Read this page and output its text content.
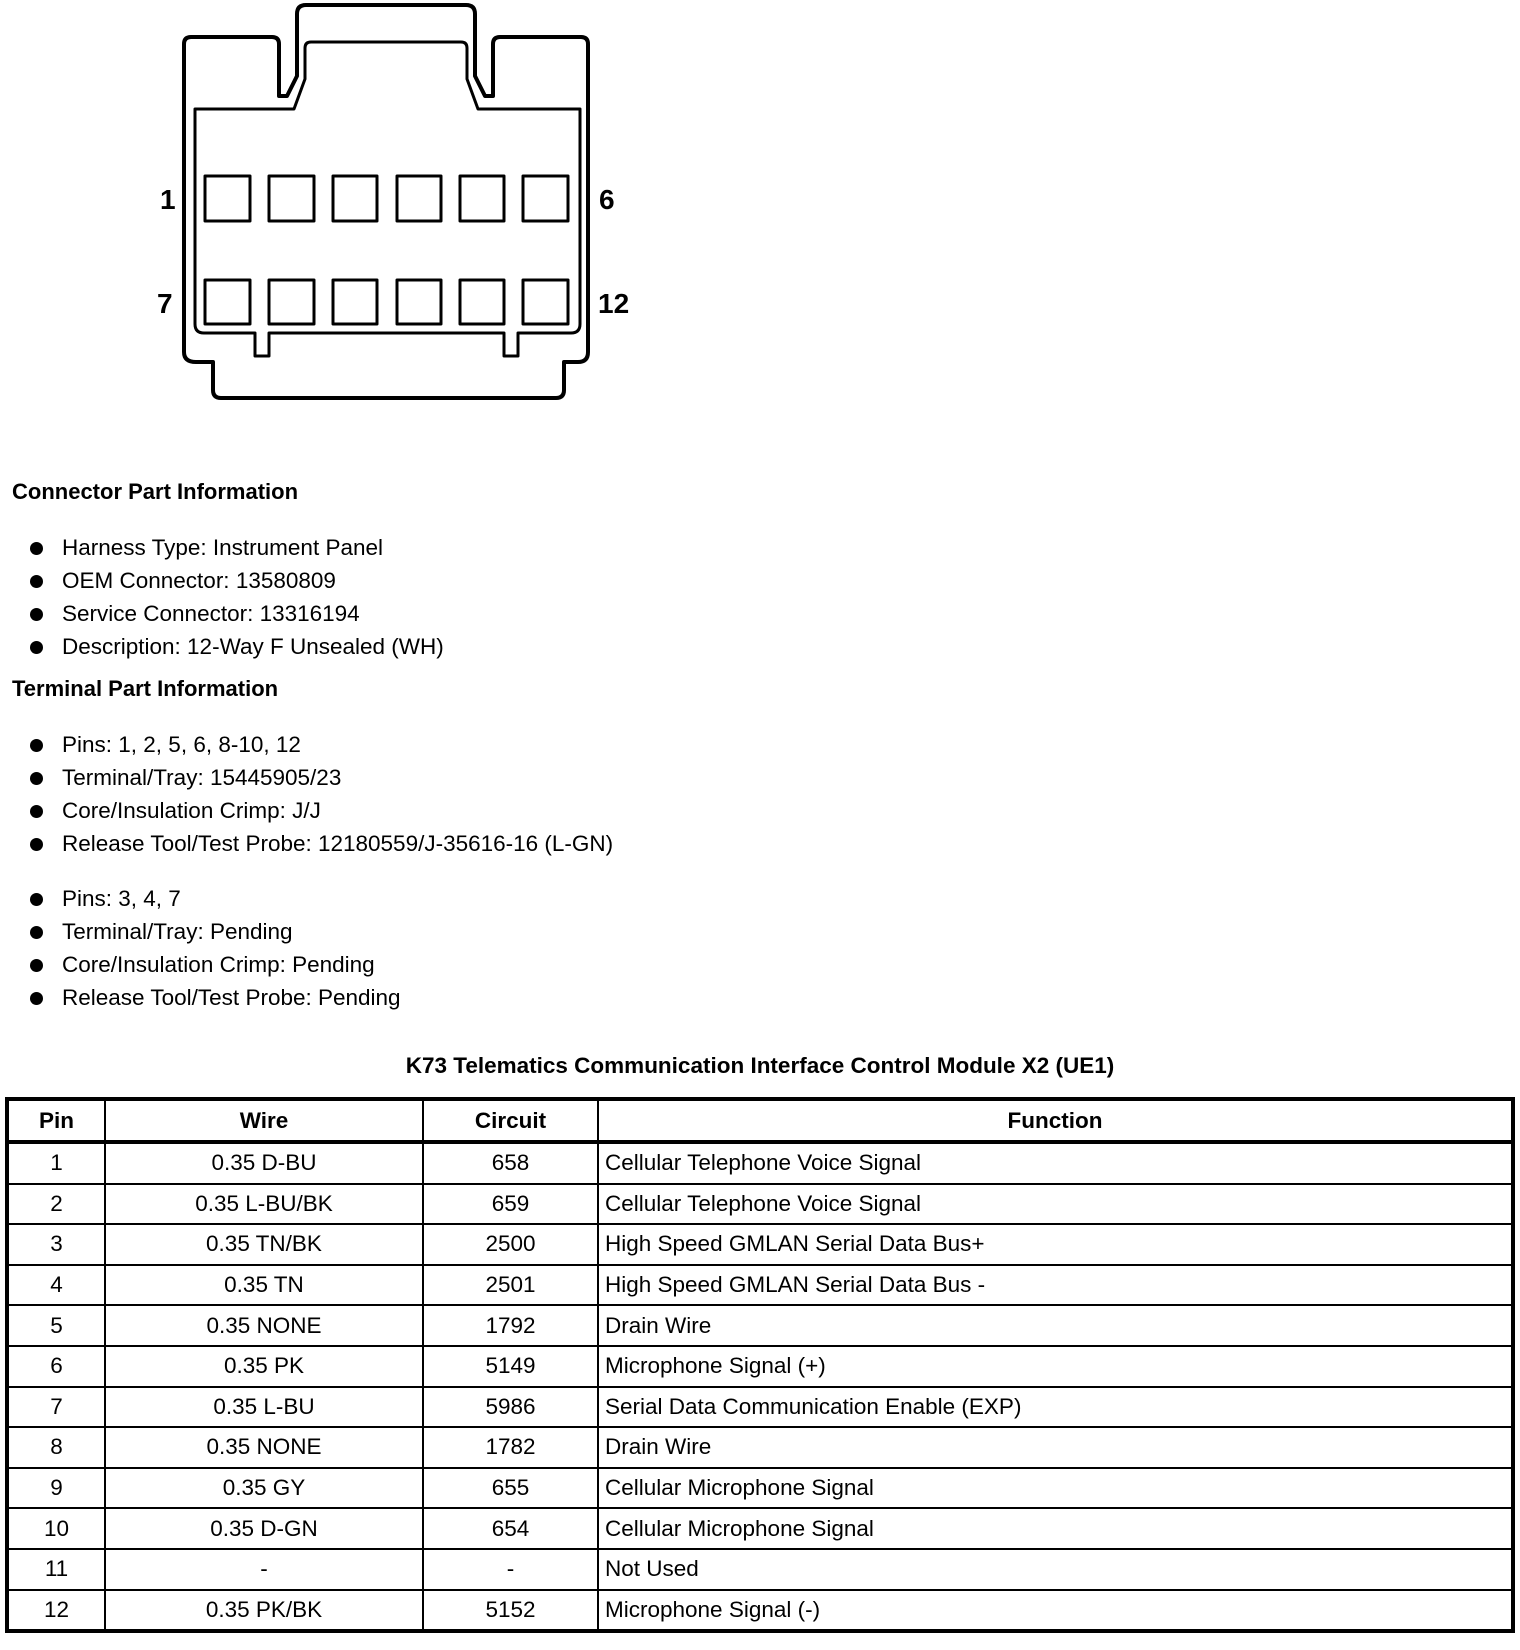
1	6
7	12
Connector Part Information
Harness Type: Instrument Panel
OEM Connector: 13580809
Service Connector: 13316194
Description: 12-Way F Unsealed (WH)
Terminal Part Information
Pins: 1, 2, 5, 6, 8-10, 12
Terminal/Tray: 15445905/23
Core/Insulation Crimp: J/J
Release Tool/Test Probe: 12180559/J-35616-16 (L-GN)
Pins: 3, 4, 7
Terminal/Tray: Pending
Core/Insulation Crimp: Pending
Release Tool/Test Probe: Pending
K73 Telematics Communication Interface Control Module X2 (UE1)
Pin	Wire	Circuit	Function
1	0.35 D-BU	658	Cellular Telephone Voice Signal
2	0.35 L-BU/BK	659	Cellular Telephone Voice Signal
3	0.35 TN/BK	2500	High Speed GMLAN Serial Data Bus+
4	0.35 TN	2501	High Speed GMLAN Serial Data Bus -
5	0.35 NONE	1792	Drain Wire
6	0.35 PK	5149	Microphone Signal (+)
7	0.35 L-BU	5986	Serial Data Communication Enable (EXP)
8	0.35 NONE	1782	Drain Wire
9	0.35 GY	655	Cellular Microphone Signal
10	0.35 D-GN	654	Cellular Microphone Signal
11	-	-	Not Used
12	0.35 PK/BK	5152	Microphone Signal (-)
